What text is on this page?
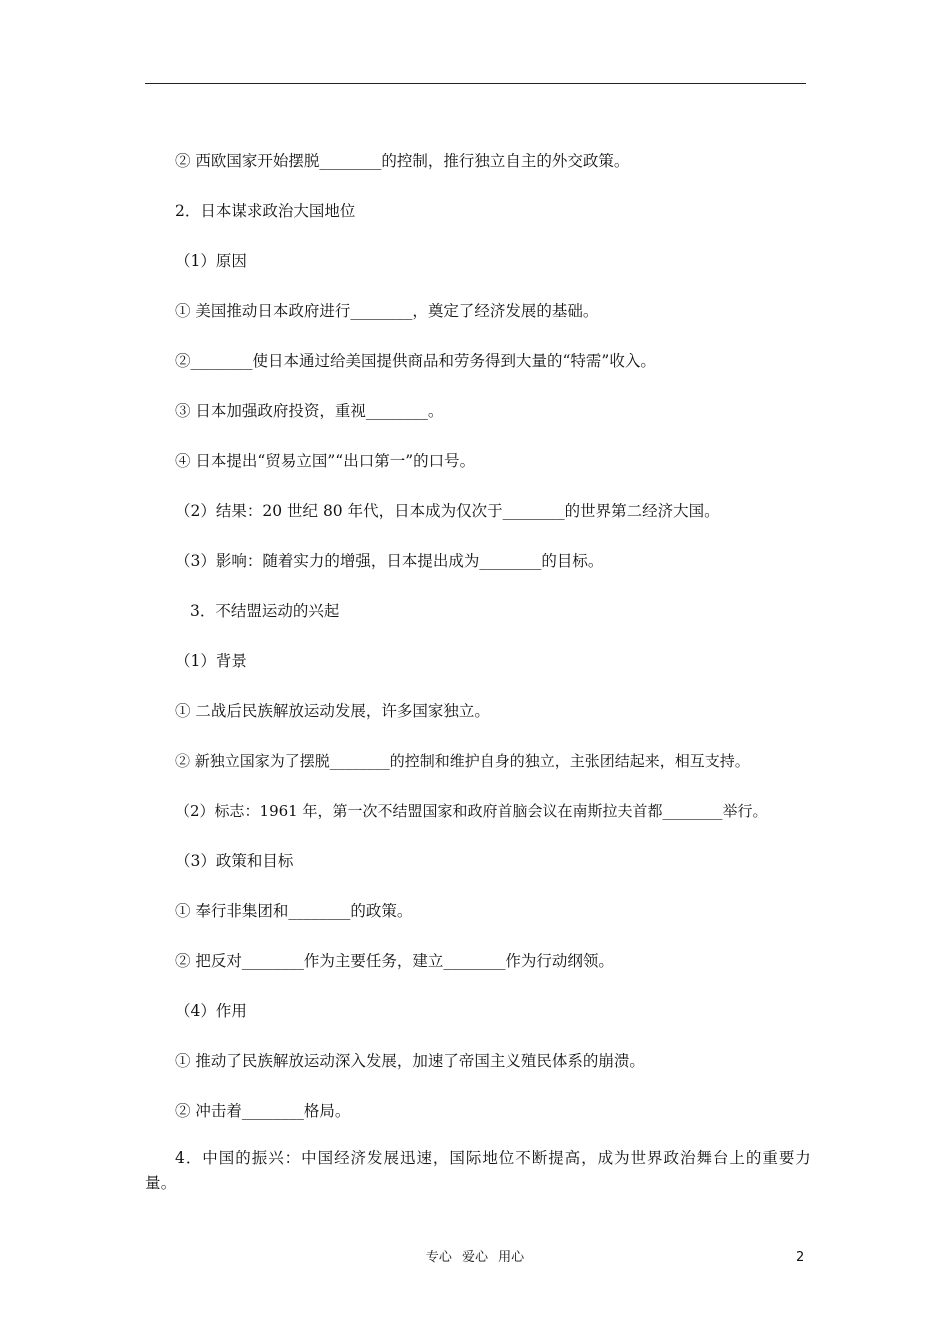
② 西欧国家开始摆脱________的控制，推行独立自主的外交政策。
2．日本谋求政治大国地位
（1）原因
① 美国推动日本政府进行________，奠定了经济发展的基础。
②________使日本通过给美国提供商品和劳务得到大量的“特需”收入。
③ 日本加强政府投资，重视________。
④ 日本提出“贸易立国”“出口第一”的口号。
（2）结果：20 世纪 80 年代，日本成为仅次于________的世界第二经济大国。
（3）影响：随着实力的增强，日本提出成为________的目标。
3．不结盟运动的兴起
（1）背景
① 二战后民族解放运动发展，许多国家独立。
② 新独立国家为了摆脱________的控制和维护自身的独立，主张团结起来，相互支持。
（2）标志：1961 年，第一次不结盟国家和政府首脑会议在南斯拉夫首都________举行。
（3）政策和目标
① 奉行非集团和________的政策。
② 把反对________作为主要任务，建立________作为行动纲领。
（4）作用
① 推动了民族解放运动深入发展，加速了帝国主义殖民体系的崩溃。
② 冲击着________格局。
4．中国的振兴：中国经济发展迅速，国际地位不断提高，成为世界政治舞台上的重要力量。
专心 爱心 用心	2
